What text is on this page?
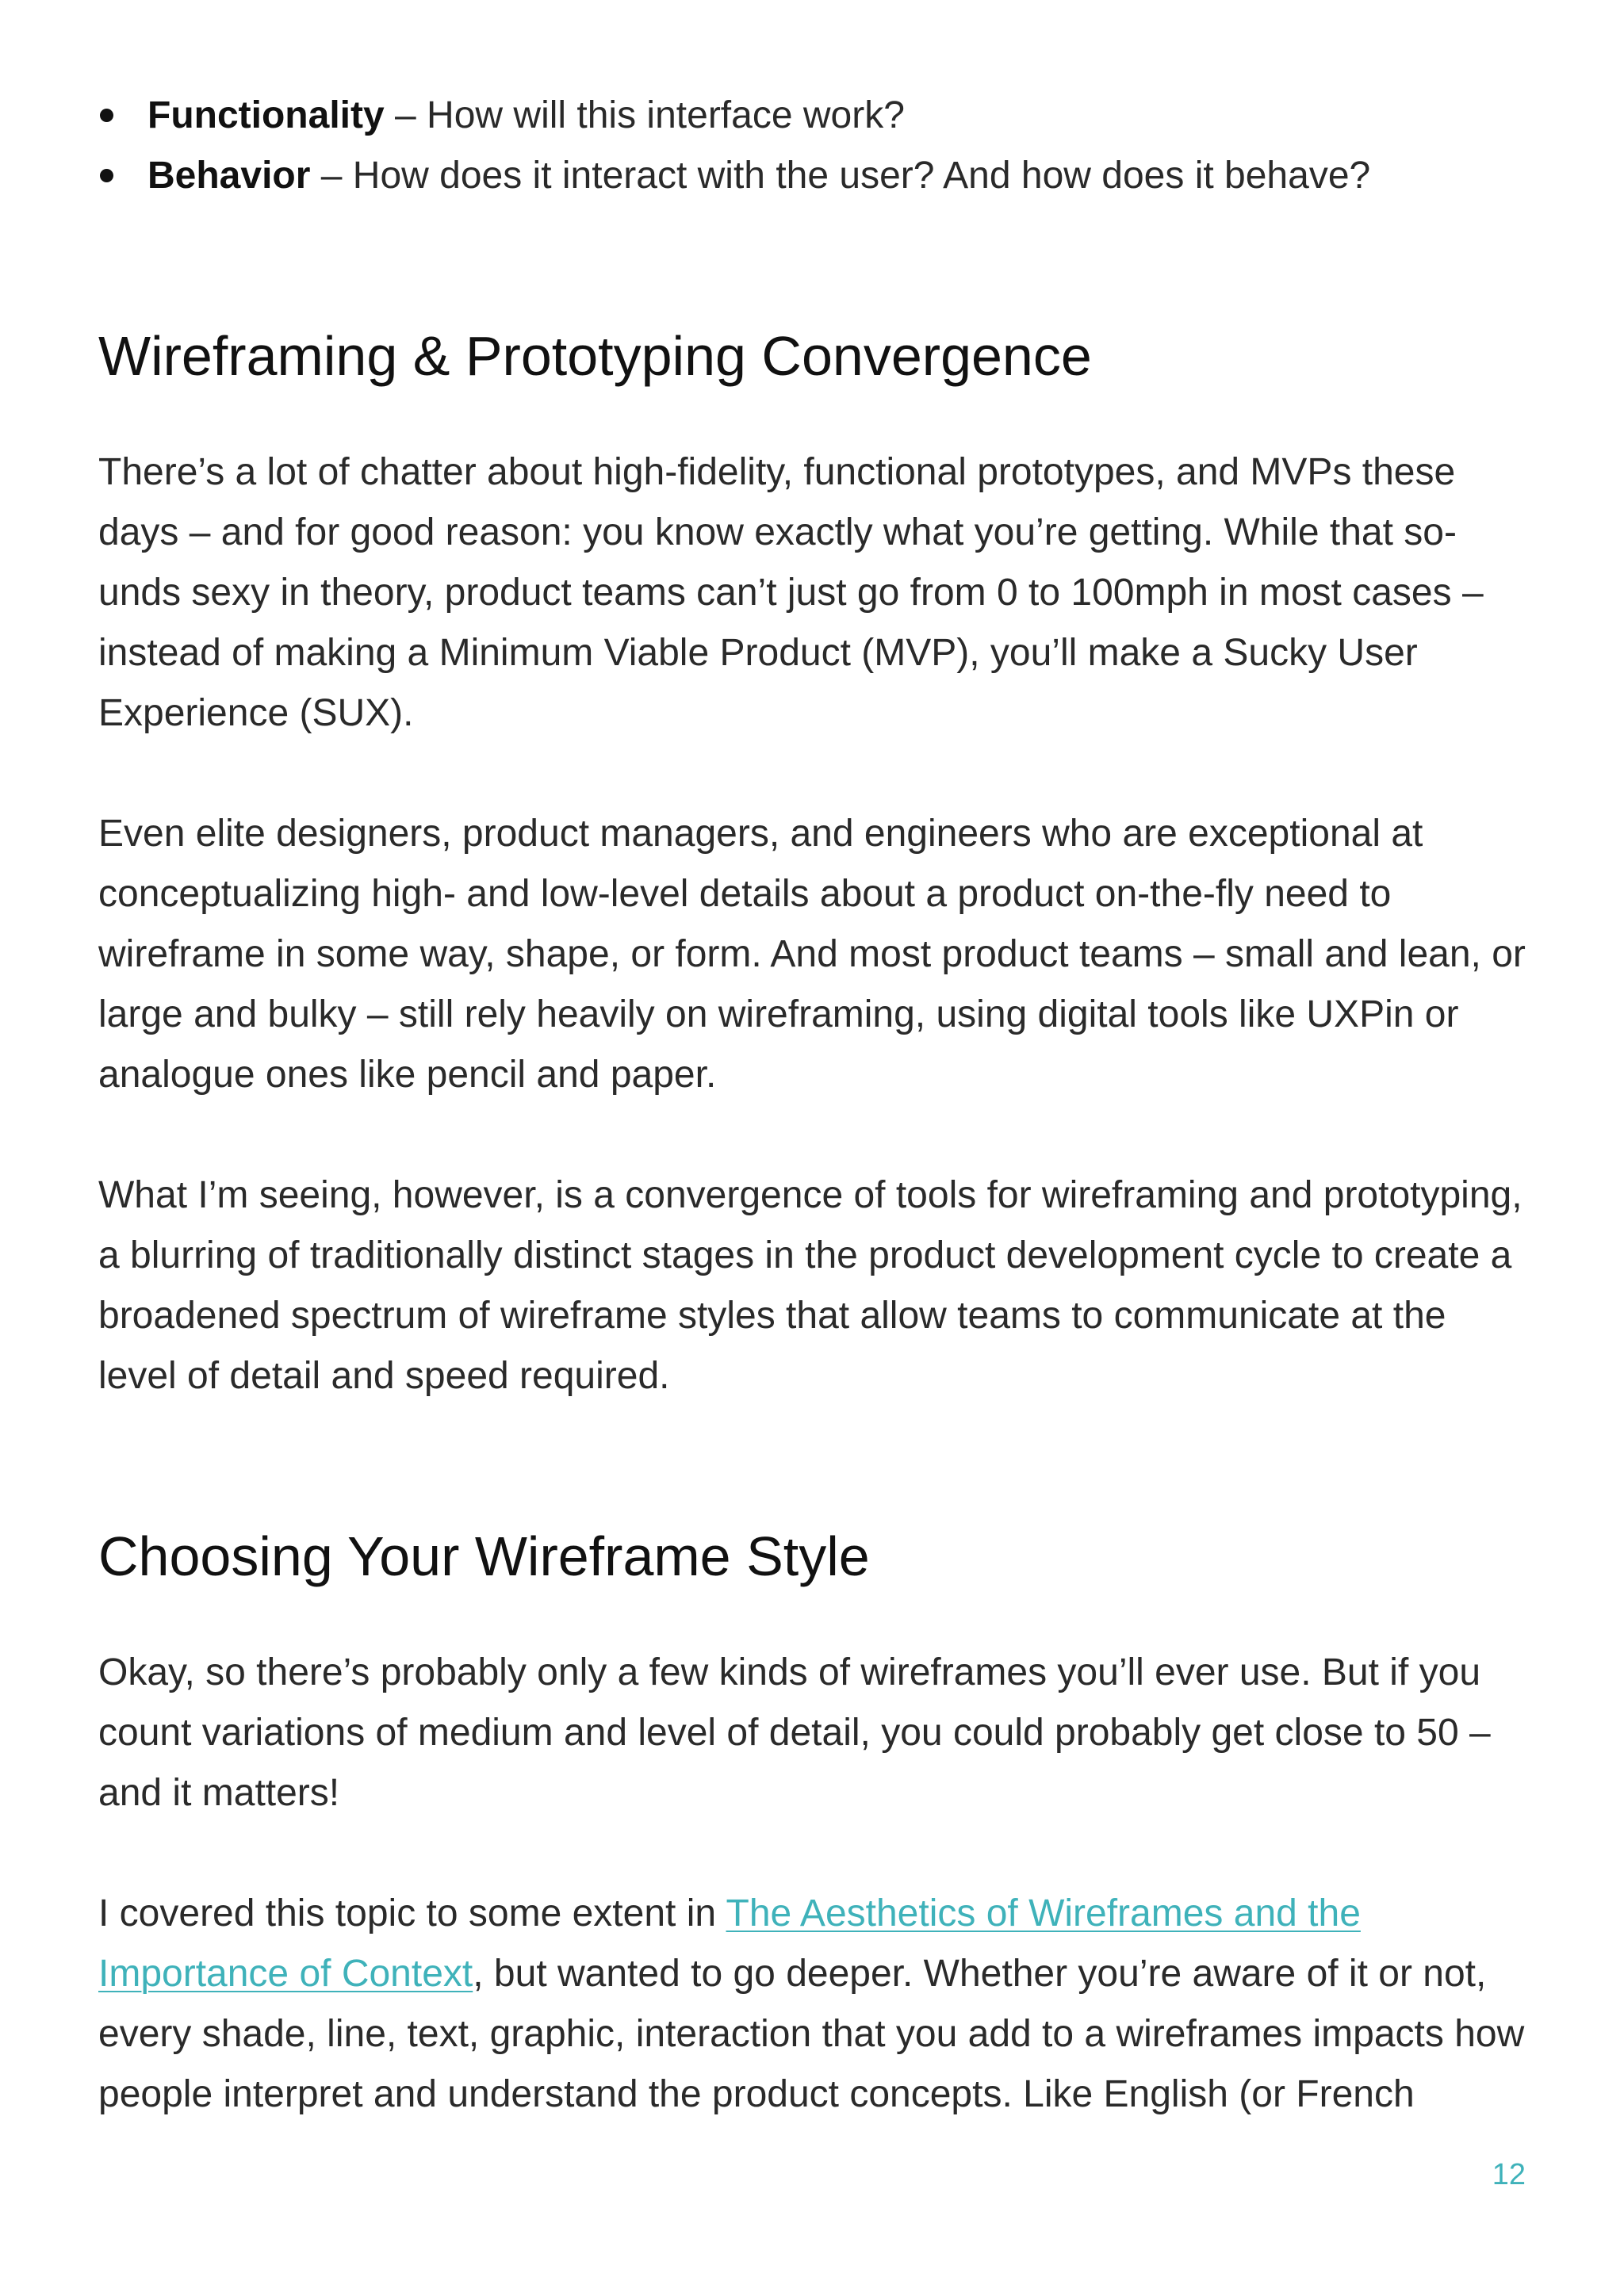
Functionality – How will this interface work?
Behavior – How does it interact with the user? And how does it behave?
Wireframing & Prototyping Convergence

There’s a lot of chatter about high-fidelity, functional prototypes, and MVPs these days – and for good reason: you know exactly what you’re getting. While that so-unds sexy in theory, product teams can’t just go from 0 to 100mph in most cases – instead of making a Minimum Viable Product (MVP), you’ll make a Sucky User Experience (SUX).

Even elite designers, product managers, and engineers who are exceptional at conceptualizing high- and low-level details about a product on-the-fly need to wireframe in some way, shape, or form. And most product teams – small and lean, or large and bulky – still rely heavily on wireframing, using digital tools like UXPin or analogue ones like pencil and paper.

What I’m seeing, however, is a convergence of tools for wireframing and prototyping, a blurring of traditionally distinct stages in the product development cycle to create a broadened spectrum of wireframe styles that allow teams to communicate at the level of detail and speed required.

Choosing Your Wireframe Style

Okay, so there’s probably only a few kinds of wireframes you’ll ever use. But if you count variations of medium and level of detail, you could probably get close to 50 – and it matters!

I covered this topic to some extent in The Aesthetics of Wireframes and the Importance of Context, but wanted to go deeper. Whether you’re aware of it or not, every shade, line, text, graphic, interaction that you add to a wireframes impacts how people interpret and understand the product concepts. Like English (or French

12
